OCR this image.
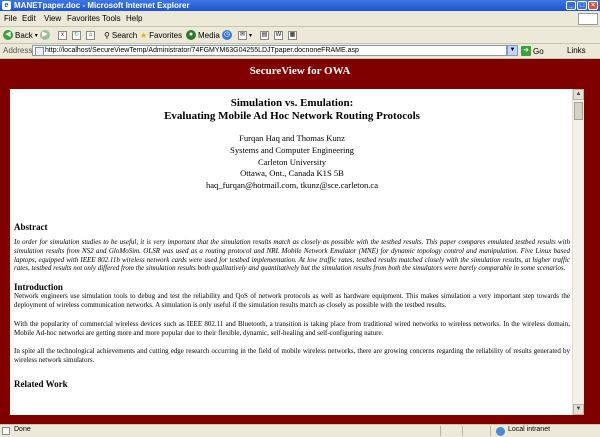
e MANETpaper.doc - Microsoft Internet Explorer	_ □ ×
File Edit View Favorites Tools Help
◀ Back ▾ ▶	x	↻	⌂	⚲ Search ★ Favorites ● Media ◷	✉ ▾ ▤ W ▦
Address	http://localhost/SecureViewTemp/Administrator/74FGMYM63G04255LDJTpaper.docnoneFRAME.asp	▼	➜ Go	Links
SecureView for OWA
Simulation vs. Emulation:
Evaluating Mobile Ad Hoc Network Routing Protocols
Furqan Haq and Thomas Kunz
Systems and Computer Engineering
Carleton University
Ottawa, Ont., Canada K1S 5B
haq_furqan@hotmail.com, tkunz@sce.carleton.ca

Abstract

In order for simulation studies to be useful, it is very important that the simulation results match as closely as possible with the testbed results. This paper compares emulated testbed results with simulation results from NS2 and GloMoSim. OLSR was used as a routing protocol and NRL Mobile Network Emulator (MNE) for dynamic topology control and manipulation. Five Linux based laptops, equipped with IEEE 802.11b wireless network cards were used for testbed implementation. At low traffic rates, testbed results matched closely with the simulation results, at higher traffic rates, testbed results not only differed from the simulation results both qualitatively and quantitatively but the simulation results from both the simulators were barely comparable in some scenarios.

Introduction

Network engineers use simulation tools to debug and test the reliability and QoS of network protocols as well as hardware equipment. This makes simulation a very important step towards the deployment of wireless communication networks. A simulation is only useful if the simulation results match as closely as possible with the testbed results.

With the popularity of commercial wireless devices such as IEEE 802.11 and Bluetooth, a transition is taking place from traditional wired networks to wireless networks. In the wireless domain, Mobile Ad-hoc networks are getting more and more popular due to their flexible, dynamic, self-healing and self-configuring nature.

In spite all the technological achievements and cutting edge research occurring in the field of mobile wireless networks, there are growing concerns regarding the reliability of results generated by wireless network simulators.

Related Work

▲
▼
Done	Local intranet
